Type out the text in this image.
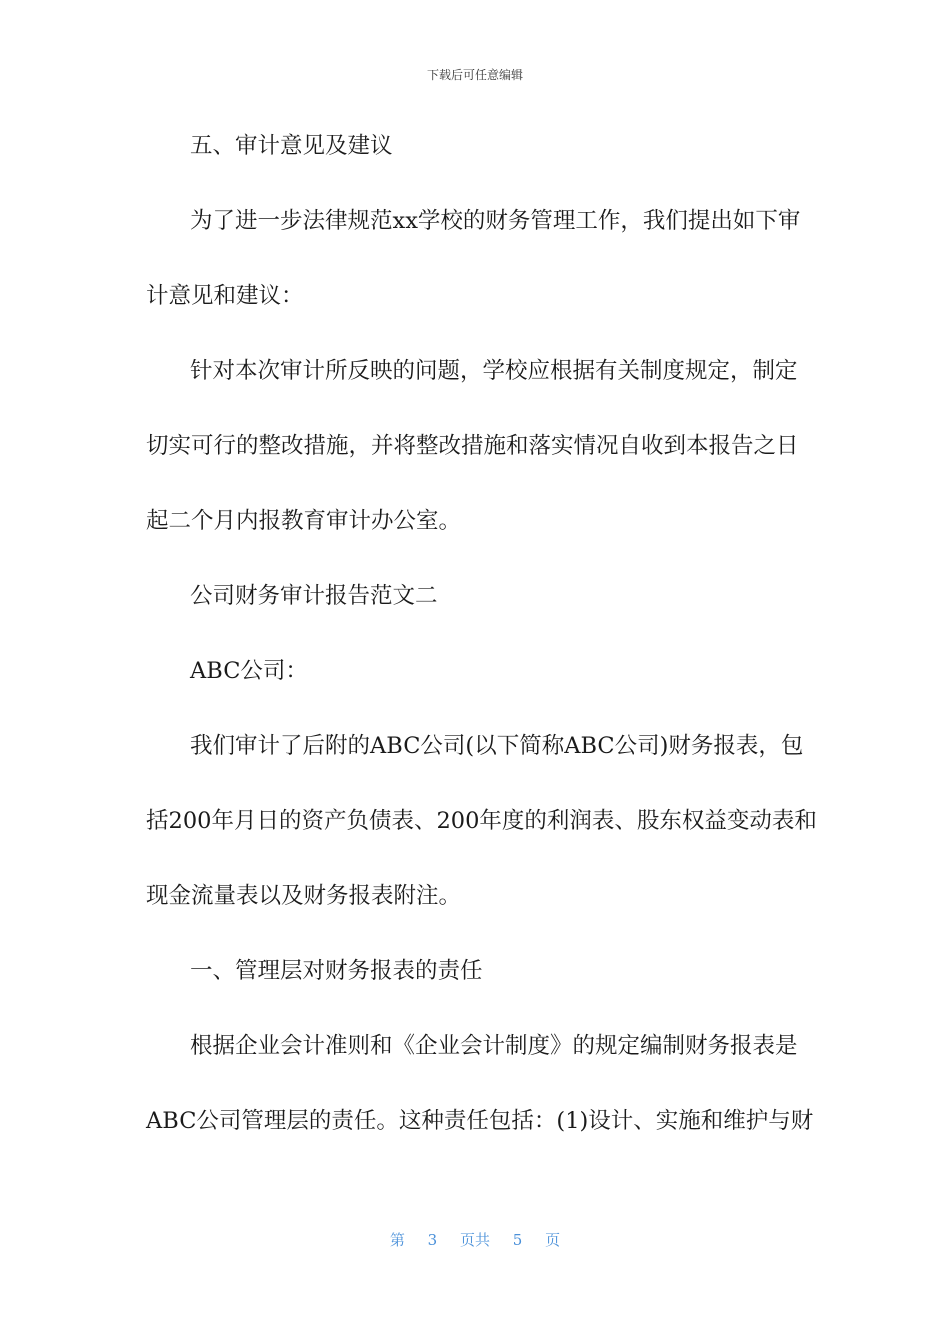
下载后可任意编辑
五、审计意见及建议
为了进一步法律规范xx学校的财务管理工作，我们提出如下审
计意见和建议：
针对本次审计所反映的问题，学校应根据有关制度规定，制定
切实可行的整改措施，并将整改措施和落实情况自收到本报告之日
起二个月内报教育审计办公室。
公司财务审计报告范文二
ABC公司：
我们审计了后附的ABC公司(以下简称ABC公司)财务报表，包
括200年月日的资产负债表、200年度的利润表、股东权益变动表和
现金流量表以及财务报表附注。
一、管理层对财务报表的责任
根据企业会计准则和《企业会计制度》的规定编制财务报表是
ABC公司管理层的责任。这种责任包括：(1)设计、实施和维护与财
第 3 页共 5 页
